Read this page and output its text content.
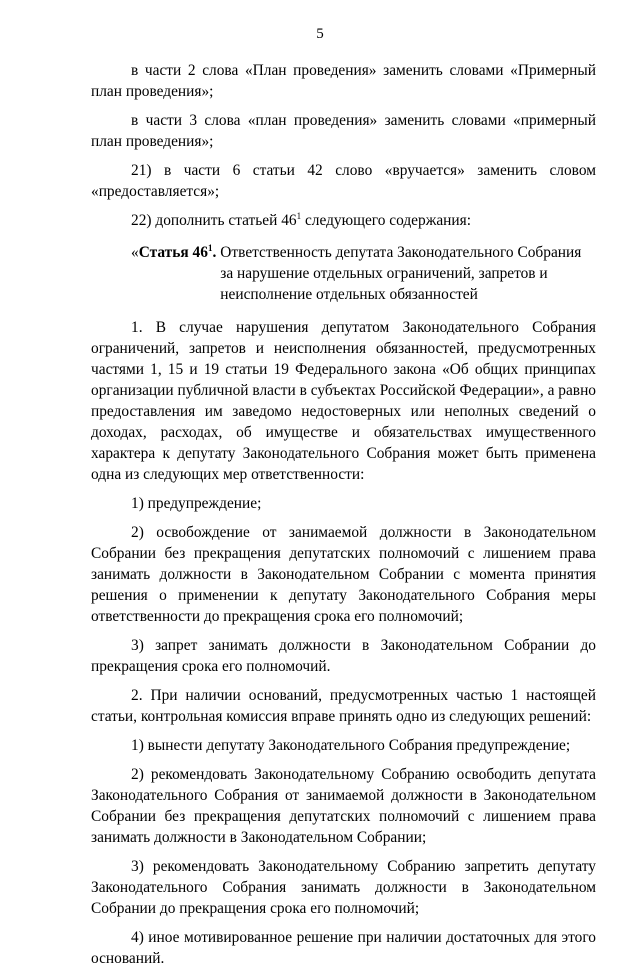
5

в части 2 слова «План проведения» заменить словами «Примерный план проведения»;

в части 3 слова «план проведения» заменить словами «примерный план проведения»;

21) в части 6 статьи 42 слово «вручается» заменить словом «предоставляется»;

22) дополнить статьей $46^1$ следующего содержания:

«Статья $46^1$. Ответственность депутата Законодательного Собрания за нарушение отдельных ограничений, запретов и неисполнение отдельных обязанностей

1. В случае нарушения депутатом Законодательного Собрания ограничений, запретов и неисполнения обязанностей, предусмотренных частями 1, 15 и 19 статьи 19 Федерального закона «Об общих принципах организации публичной власти в субъектах Российской Федерации», а равно предоставления им заведомо недостоверных или неполных сведений о доходах, расходах, об имуществе и обязательствах имущественного характера к депутату Законодательного Собрания может быть применена одна из следующих мер ответственности:

1) предупреждение;

2) освобождение от занимаемой должности в Законодательном Собрании без прекращения депутатских полномочий с лишением права занимать должности в Законодательном Собрании с момента принятия решения о применении к депутату Законодательного Собрания меры ответственности до прекращения срока его полномочий;

3) запрет занимать должности в Законодательном Собрании до прекращения срока его полномочий.

2. При наличии оснований, предусмотренных частью 1 настоящей статьи, контрольная комиссия вправе принять одно из следующих решений:

1) вынести депутату Законодательного Собрания предупреждение;

2) рекомендовать Законодательному Собранию освободить депутата Законодательного Собрания от занимаемой должности в Законодательном Собрании без прекращения депутатских полномочий с лишением права занимать должности в Законодательном Собрании;

3) рекомендовать Законодательному Собранию запретить депутату Законодательного Собрания занимать должности в Законодательном Собрании до прекращения срока его полномочий;

4) иное мотивированное решение при наличии достаточных для этого оснований.
